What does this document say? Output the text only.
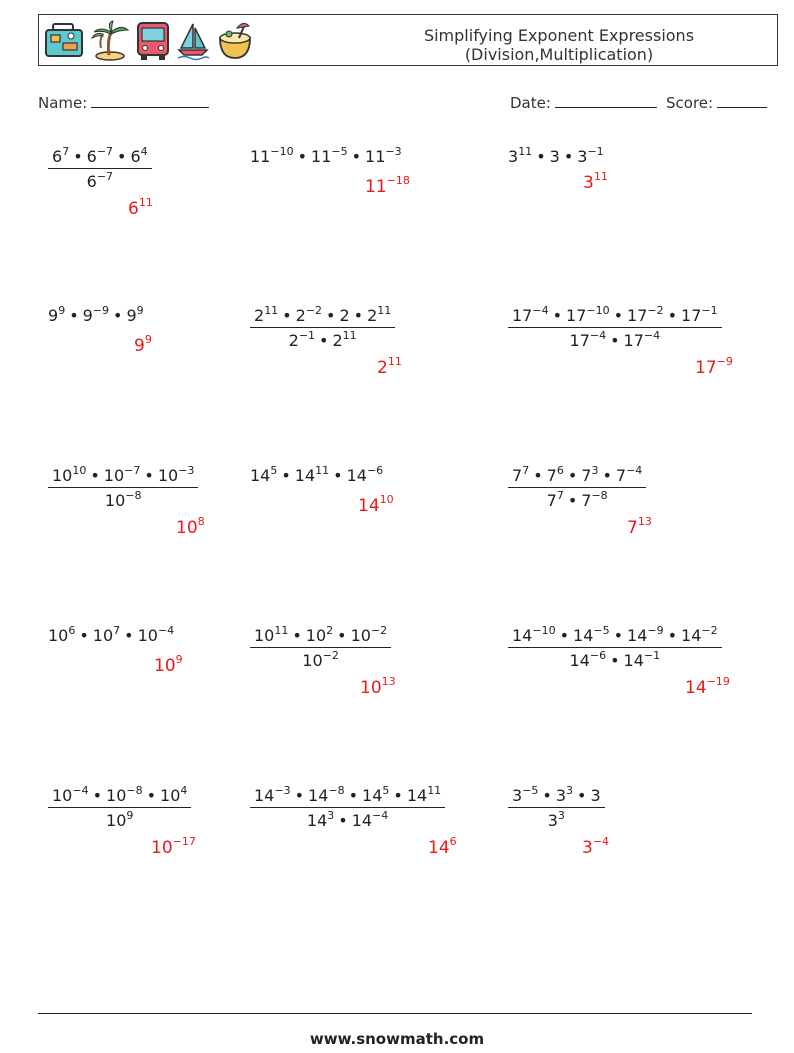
Simplifying Exponent Expressions
(Division,Multiplication)
Name:	Date:	Score:
$\frac{6^7 • 6^{-7} • 6^4}{6^{-7}}$
$6^{11}$
$11^{-10}$ • $11^{-5}$ • $11^{-3}$
$11^{-18}$
$3^{11}$ • 3 • $3^{-1}$
$3^{11}$
$9^9$ • $9^{-9}$ • $9^9$
$9^9$	$\frac{2^{11} • 2^{-2} • 2 • 2^{11}}{2^{-1} • 2^{11}}$
$2^{11}$
$\frac{17^{-4} • 17^{-10} • 17^{-2} • 17^{-1}}{17^{-4} • 17^{-4}}$
$17^{-9}$
$\frac{10^{10} • 10^{-7} • 10^{-3}}{10^{-8}}$
$10^8$
$14^5$ • $14^{11}$ • $14^{-6}$
$14^{10}$	$\frac{7^7 • 7^6 • 7^3 • 7^{-4}}{7^7 • 7^{-8}}$
$7^{13}$
$10^6$ • $10^7$ • $10^{-4}$
$10^9$	$\frac{10^{11} • 10^2 • 10^{-2}}{10^{-2}}$
$10^{13}$
$\frac{14^{-10} • 14^{-5} • 14^{-9} • 14^{-2}}{14^{-6} • 14^{-1}}$
$14^{-19}$
$\frac{10^{-4} • 10^{-8} • 10^4}{10^9}$
$10^{-17}$
$\frac{14^{-3} • 14^{-8} • 14^5 • 14^{11}}{14^3 • 14^{-4}}$
$14^6$
$\frac{3^{-5} • 3^3 • 3}{3^3}$
$3^{-4}$
www.snowmath.com
